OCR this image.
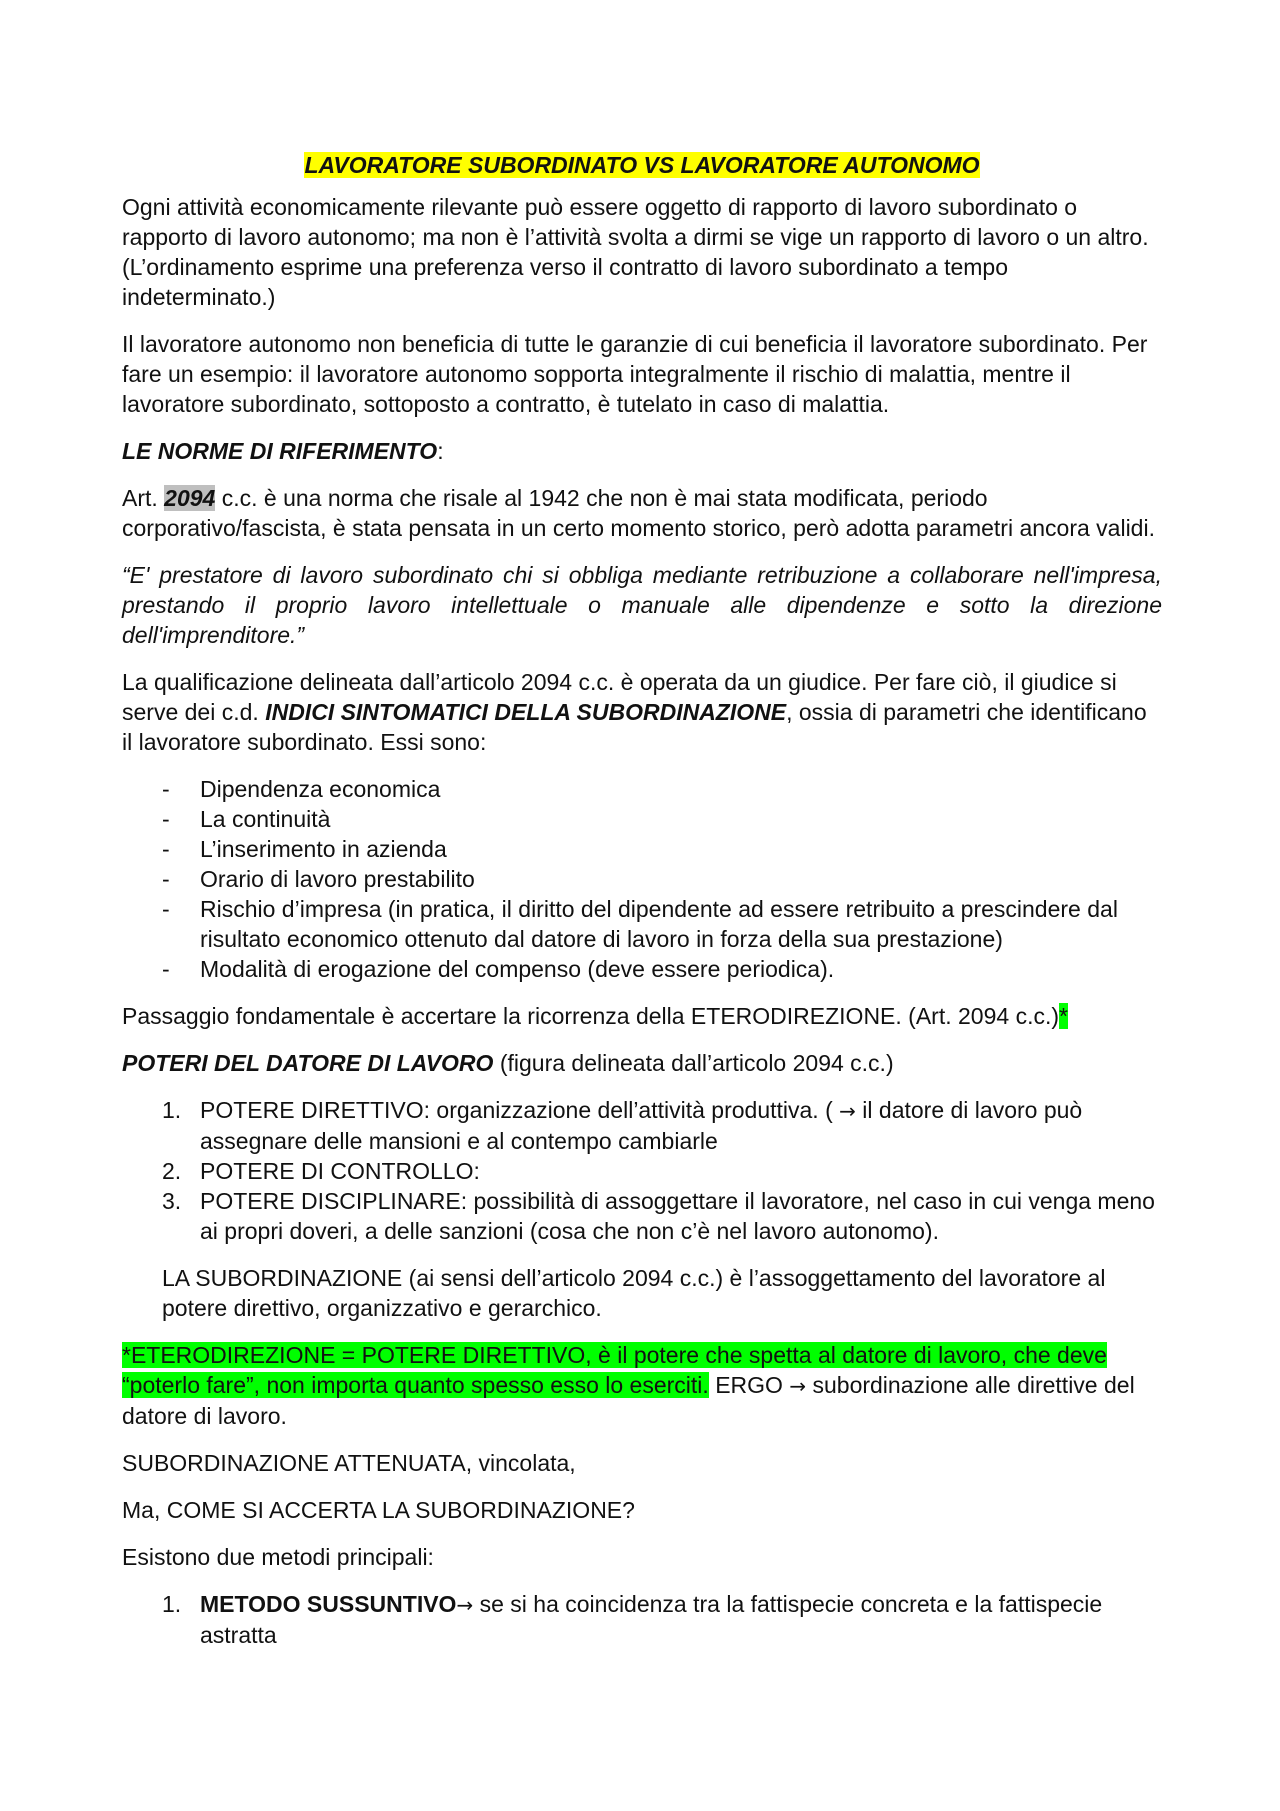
LAVORATORE SUBORDINATO VS LAVORATORE AUTONOMO

Ogni attività economicamente rilevante può essere oggetto di rapporto di lavoro subordinato o rapporto di lavoro autonomo; ma non è l’attività svolta a dirmi se vige un rapporto di lavoro o un altro. (L’ordinamento esprime una preferenza verso il contratto di lavoro subordinato a tempo indeterminato.)

Il lavoratore autonomo non beneficia di tutte le garanzie di cui beneficia il lavoratore subordinato. Per fare un esempio: il lavoratore autonomo sopporta integralmente il rischio di malattia, mentre il lavoratore subordinato, sottoposto a contratto, è tutelato in caso di malattia.

LE NORME DI RIFERIMENTO:

Art. 2094 c.c. è una norma che risale al 1942 che non è mai stata modificata, periodo corporativo/fascista, è stata pensata in un certo momento storico, però adotta parametri ancora validi.

“E' prestatore di lavoro subordinato chi si obbliga mediante retribuzione a collaborare nell'impresa, prestando il proprio lavoro intellettuale o manuale alle dipendenze e sotto la direzione dell'imprenditore.”

La qualificazione delineata dall’articolo 2094 c.c. è operata da un giudice. Per fare ciò, il giudice si serve dei c.d. INDICI SINTOMATICI DELLA SUBORDINAZIONE, ossia di parametri che identificano il lavoratore subordinato. Essi sono:

- Dipendenza economica
- La continuità
- L’inserimento in azienda
- Orario di lavoro prestabilito
- Rischio d’impresa (in pratica, il diritto del dipendente ad essere retribuito a prescindere dal risultato economico ottenuto dal datore di lavoro in forza della sua prestazione)
- Modalità di erogazione del compenso (deve essere periodica).

Passaggio fondamentale è accertare la ricorrenza della ETERODIREZIONE. (Art. 2094 c.c.)*

POTERI DEL DATORE DI LAVORO (figura delineata dall’articolo 2094 c.c.)

1. POTERE DIRETTIVO: organizzazione dell’attività produttiva. ( → il datore di lavoro può assegnare delle mansioni e al contempo cambiarle
2. POTERE DI CONTROLLO:
3. POTERE DISCIPLINARE: possibilità di assoggettare il lavoratore, nel caso in cui venga meno ai propri doveri, a delle sanzioni (cosa che non c’è nel lavoro autonomo).

LA SUBORDINAZIONE (ai sensi dell’articolo 2094 c.c.) è l’assoggettamento del lavoratore al potere direttivo, organizzativo e gerarchico.

*ETERODIREZIONE = POTERE DIRETTIVO, è il potere che spetta al datore di lavoro, che deve “poterlo fare”, non importa quanto spesso esso lo eserciti. ERGO → subordinazione alle direttive del datore di lavoro.

SUBORDINAZIONE ATTENUATA, vincolata,

Ma, COME SI ACCERTA LA SUBORDINAZIONE?

Esistono due metodi principali:

1. METODO SUSSUNTIVO→ se si ha coincidenza tra la fattispecie concreta e la fattispecie astratta
